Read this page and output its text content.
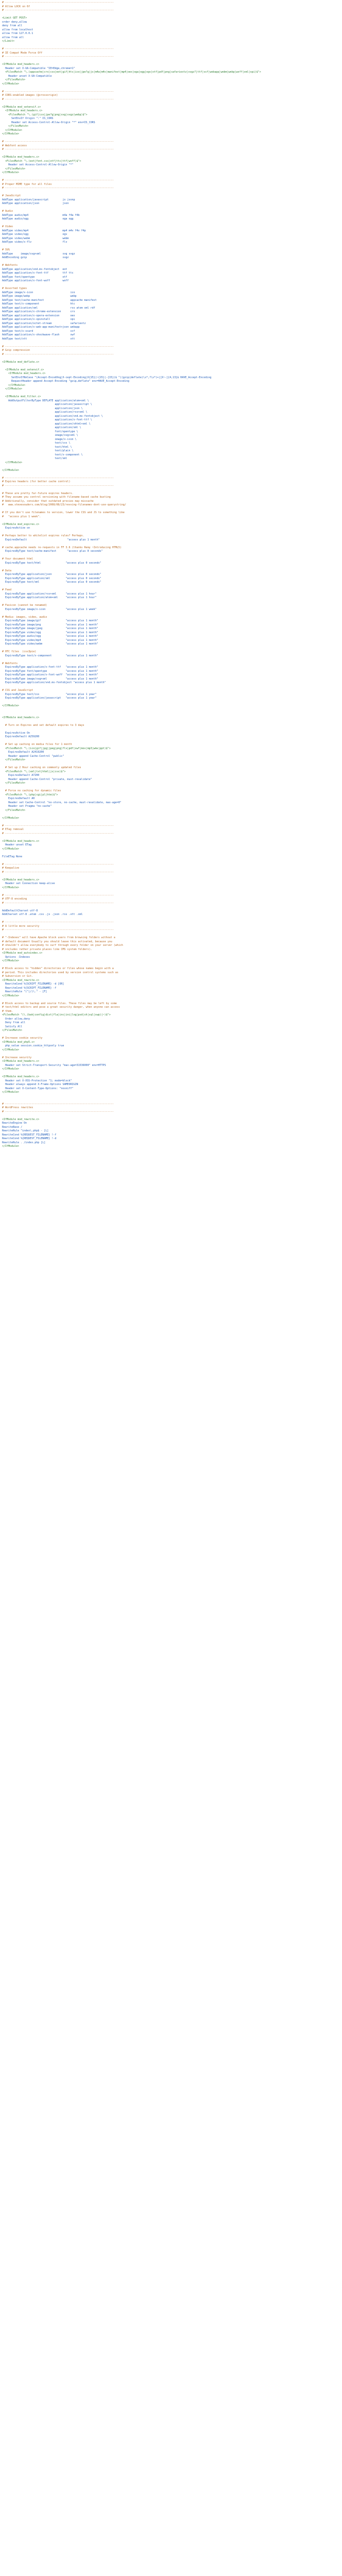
# ----------------------------------------------------------------------
# Allow LOCK on 6f
# ----------------------------------------------------------------------

<Limit GET POST>
order deny,allow
deny from all
allow from localhost
allow from 127.0.0.1
allow from all
</Limit>

# ----------------------------------------------------------------------
# IE Compat Mode Force Off
# ----------------------------------------------------------------------

<IfModule mod_headers.c>
Header set X-UA-Compatible "IE=Edge,chrome=1"
<FilesMatch "\.(appcache|crx|css|eot|gif|htc|ico|jpe?g|js|m4a|m4v|manifest|mp4|oex|oga|ogg|ogv|otf|pdf|png|safariextz|svgz?|ttf|vcf|webapp|webm|webp|woff|xml|xpi)$">
Header unset X-UA-Compatible
</FilesMatch>
</IfModule>

# ----------------------------------------------------------------------
# CORS-enabled images (@crossorigin)
# ----------------------------------------------------------------------

<IfModule mod_setenvif.c>
<IfModule mod_headers.c>
<FilesMatch "\.(gif|ico|jpe?g|png|svg|svgz|webp)$">
SetEnvIf Origin ":" IS_CORS
Header set Access-Control-Allow-Origin "*" env=IS_CORS
</FilesMatch>
</IfModule>
</IfModule>

# ----------------------------------------------------------------------
# Webfont access
# ----------------------------------------------------------------------

<IfModule mod_headers.c>
<FilesMatch "\.(eot|font.css|otf|ttc|ttf|woff)$">
Header set Access-Control-Allow-Origin "*"
</FilesMatch>
</IfModule>

# ----------------------------------------------------------------------
# Proper MIME type for all files
# ----------------------------------------------------------------------

# JavaScript
AddType application/javascript         js jsonp
AddType application/json               json

# Audio
AddType audio/mp4                      m4a f4a f4b
AddType audio/ogg                      oga ogg

# Video
AddType video/mp4                      mp4 m4v f4v f4p
AddType video/ogg                      ogv
AddType video/webm                     webm
AddType video/x-flv                    flv

# SVG
AddType     image/svg+xml              svg svgz
AddEncoding gzip                       svgz

# Webfonts
AddType application/vnd.ms-fontobject  eot
AddType application/x-font-ttf         ttf ttc
AddType font/opentype                  otf
AddType application/x-font-woff        woff

# Assorted types
AddType image/x-icon                        ico
AddType image/webp                          webp
AddType text/cache-manifest                 appcache manifest
AddType text/x-component                    htc
AddType application/xml                     rss atom xml rdf
AddType application/x-chrome-extension      crx
AddType application/x-opera-extension       oex
AddType application/x-xpinstall             xpi
AddType application/octet-stream            safariextz
AddType application/x-web-app-manifest+json webapp
AddType text/x-vcard                        vcf
AddType application/x-shockwave-flash       swf
AddType text/vtt                            vtt

# ----------------------------------------------------------------------
# Gzip compression
# ----------------------------------------------------------------------

<IfModule mod_deflate.c>

<IfModule mod_setenvif.c>
<IfModule mod_headers.c>
SetEnvIfNoCase ^(Accept-EncodXng|X-cept-Encoding|X{15}|~{15}|-{15})$ ^((gzip|deflate)\s*,?\s*)+|[X~-]{4,13}$ HAVE_Accept-Encoding
RequestHeader append Accept-Encoding "gzip,deflate" env=HAVE_Accept-Encoding
</IfModule>
</IfModule>

<IfModule mod_filter.c>
AddOutputFilterByType DEFLATE application/atom+xml \
application/javascript \
application/json \
application/rss+xml \
application/vnd.ms-fontobject \
application/x-font-ttf \
application/xhtml+xml \
application/xml \
font/opentype \
image/svg+xml \
image/x-icon \
text/css \
text/html \
text/plain \
text/x-component \
text/xml
</IfModule>

</IfModule>

# ----------------------------------------------------------------------
# Expires headers (for better cache control)
# ----------------------------------------------------------------------

# These are pretty far-future expires headers.
# They assume you control versioning with filename-based cache busting
# Additionally, consider that outdated proxies may miscache
#   www.stevesouders.com/blog/2008/08/23/revving-filenames-dont-use-querystring/

# If you don't use filenames to version, lower the CSS and JS to something like
#   "access plus 1 week".

<IfModule mod_expires.c>
ExpiresActive on

# Perhaps better to whitelist expires rules? Perhaps.
ExpiresDefault                          "access plus 1 month"

# cache.appcache needs re-requests in FF 3.6 (thanks Remy ~Introducing HTML5)
ExpiresByType text/cache-manifest       "access plus 0 seconds"

# Your document html
ExpiresByType text/html                "access plus 0 seconds"

# Data
ExpiresByType application/json         "access plus 0 seconds"
ExpiresByType application/xml          "access plus 0 seconds"
ExpiresByType text/xml                 "access plus 0 seconds"

# Feed
ExpiresByType application/rss+xml      "access plus 1 hour"
ExpiresByType application/atom+xml     "access plus 1 hour"

# Favicon (cannot be renamed)
ExpiresByType image/x-icon             "access plus 1 week"

# Media: images, video, audio
ExpiresByType image/gif                "access plus 1 month"
ExpiresByType image/png                "access plus 1 month"
ExpiresByType image/jpeg               "access plus 1 month"
ExpiresByType video/ogg                "access plus 1 month"
ExpiresByType audio/ogg                "access plus 1 month"
ExpiresByType video/mp4                "access plus 1 month"
ExpiresByType video/webm               "access plus 1 month"

# HTC files  (css3pie)
ExpiresByType text/x-component         "access plus 1 month"

# Webfonts
ExpiresByType application/x-font-ttf   "access plus 1 month"
ExpiresByType font/opentype            "access plus 1 month"
ExpiresByType application/x-font-woff  "access plus 1 month"
ExpiresByType image/svg+xml            "access plus 1 month"
ExpiresByType application/vnd.ms-fontobject "access plus 1 month"

# CSS and JavaScript
ExpiresByType text/css                 "access plus 1 year"
ExpiresByType application/javascript   "access plus 1 year"

</IfModule>

<IfModule mod_headers.c>

# Turn on Expires and set default expires to 3 days

ExpiresActive On
ExpiresDefault A259200

# Set up caching on media files for 1 month
<FilesMatch "\.(ico|gif|jpg|jpeg|png|flv|pdf|swf|mov|mp3|wmv|ppt)$">
ExpiresDefault A2419200
Header append Cache-Control "public"
</FilesMatch>

# Set up 2 Hour caching on commonly updated files
<FilesMatch "\.(xml|txt|html|js|css)$">
ExpiresDefault A7200
Header append Cache-Control "private, must-revalidate"
</FilesMatch>

# Force no caching for dynamic files
<FilesMatch "\.(php|cgi|pl|htm)$">
ExpiresDefault A0
Header set Cache-Control "no-store, no-cache, must-revalidate, max-age=0"
Header set Pragma "no-cache"
</FilesMatch>

</IfModule>

# ----------------------------------------------------------------------
# ETag removal
# ----------------------------------------------------------------------

<IfModule mod_headers.c>
Header unset ETag
</IfModule>

FileETag None

# ----------------------------------------------------------------------
# Keepalive
# ----------------------------------------------------------------------

<IfModule mod_headers.c>
Header set Connection keep-alive
</IfModule>

# ----------------------------------------------------------------------
# UTF-8 encoding
# ----------------------------------------------------------------------

AddDefaultCharset utf-8
AddCharset utf-8 .atom .css .js .json .rss .vtt .xml

# ----------------------------------------------------------------------
# A little more security
# ----------------------------------------------------------------------

# "-Indexes" will have Apache block users from browsing folders without a
# default document Usually you should leave this activated, because you
# shouldn't allow everybody to surf through every folder on your server (which
# includes rather private places like CMS system folders).
<IfModule mod_autoindex.c>
Options -Indexes
</IfModule>

# Block access to "hidden" directories or files whose names begin with a
# period. This includes directories used by version control systems such as
# Subversion or Git.
<IfModule mod_rewrite.c>
RewriteCond %{SCRIPT_FILENAME} -d [OR]
RewriteCond %{SCRIPT_FILENAME} -f
RewriteRule "(^|/)\." - [F]
</IfModule>

# Block access to backup and source files. These files may be left by some
# text/html editors and pose a great security danger, when anyone can access
# them.
<FilesMatch "(\.(bak|config|dist|fla|inc|ini|log|psd|sh|sql|swp)|~)$">
Order allow,deny
Deny from all
Satisfy All
</FilesMatch>

# Increase cookie security
<IfModule mod_php5.c>
php_value session.cookie_httponly true
</IfModule>

# Increase security
<IfModule mod_headers.c>
Header set Strict-Transport-Security "max-age=31536000" env=HTTPS
</IfModule>

<IfModule mod_headers.c>
Header set X-XSS-Protection "1; mode=block"
Header always append X-Frame-Options SAMEORIGIN
Header set X-Content-Type-Options: "nosniff"
</IfModule>

# ----------------------------------------------------------------------
# WordPress rewrites
# ----------------------------------------------------------------------

<IfModule mod_rewrite.c>
RewriteEngine On
RewriteBase /
RewriteRule ^index\.php$ - [L]
RewriteCond %{REQUEST_FILENAME} !-f
RewriteCond %{REQUEST_FILENAME} !-d
RewriteRule . /index.php [L]
</IfModule>
